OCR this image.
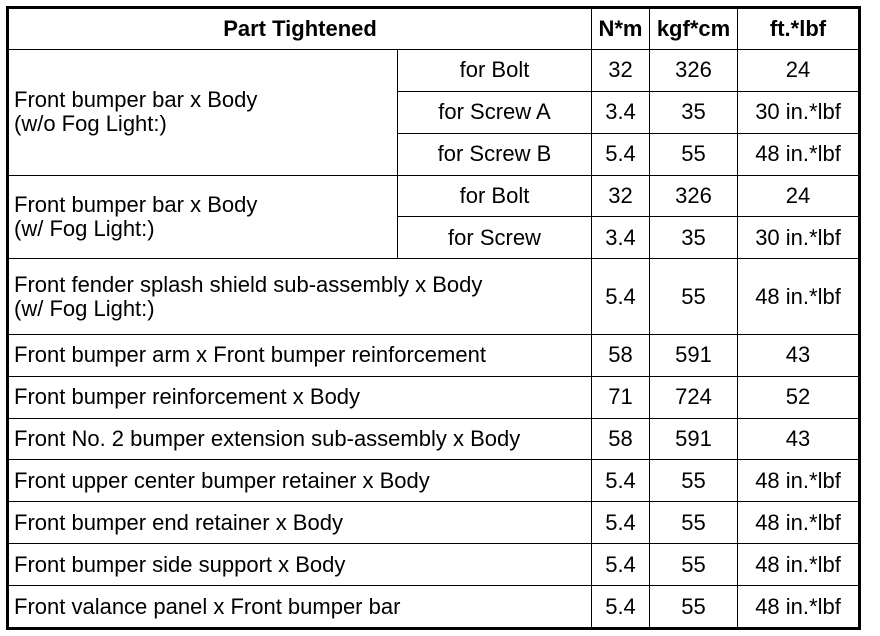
Part Tightened		N*m	kgf*cm	ft.*lbf

Front bumper bar x Body
(w/o Fog Light:)	for Bolt	32	326	24
	for Screw A	3.4	35	30 in.*lbf
	for Screw B	5.4	55	48 in.*lbf

Front bumper bar x Body
(w/ Fog Light:)	for Bolt	32	326	24
	for Screw	3.4	35	30 in.*lbf

Front fender splash shield sub-assembly x Body
(w/ Fog Light:)		5.4	55	48 in.*lbf
Front bumper arm x Front bumper reinforcement		58	591	43
Front bumper reinforcement x Body		71	724	52
Front No. 2 bumper extension sub-assembly x Body		58	591	43
Front upper center bumper retainer x Body		5.4	55	48 in.*lbf
Front bumper end retainer x Body		5.4	55	48 in.*lbf
Front bumper side support x Body		5.4	55	48 in.*lbf
Front valance panel x Front bumper bar		5.4	55	48 in.*lbf
